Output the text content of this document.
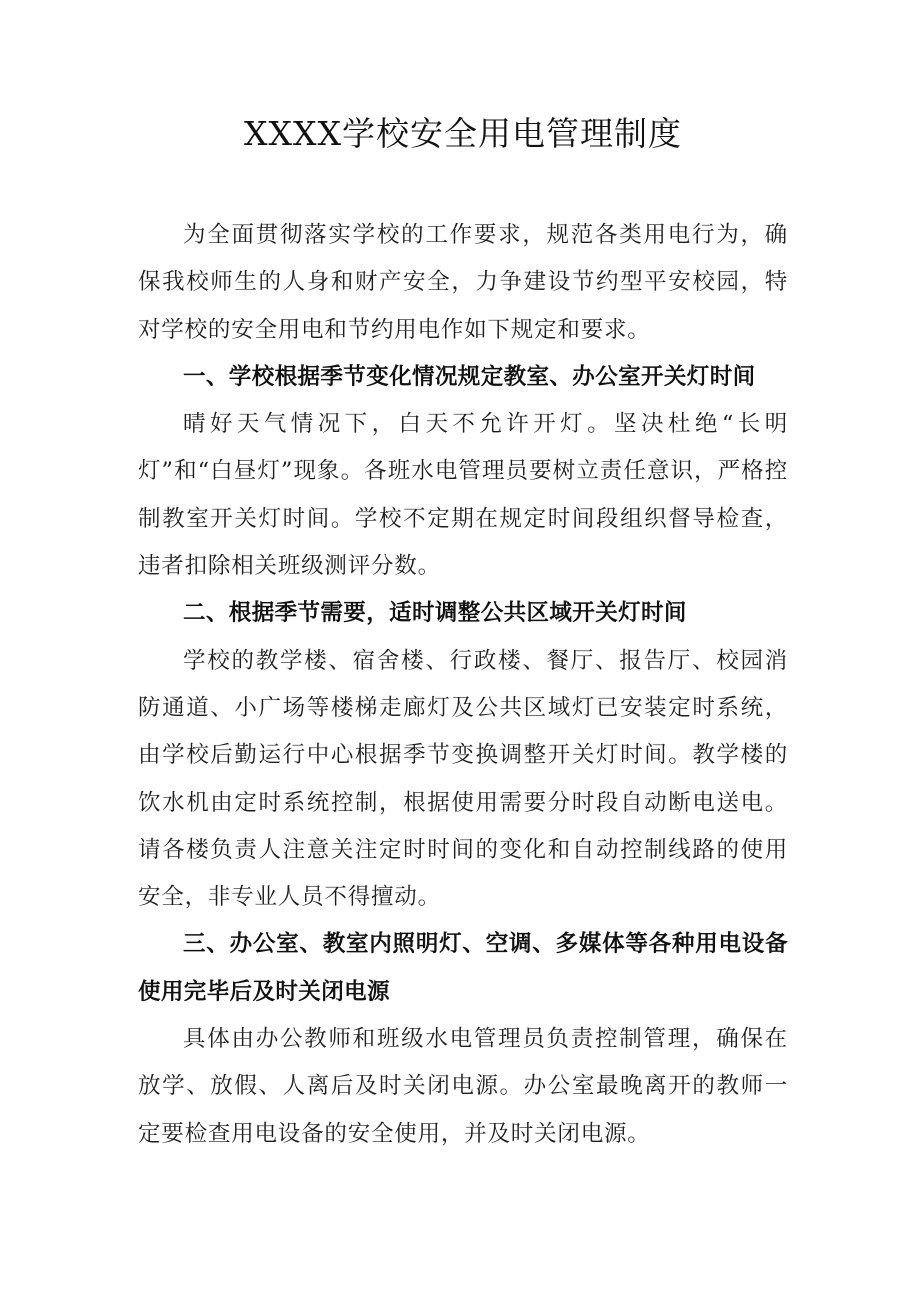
XXXX学校安全用电管理制度

为全面贯彻落实学校的工作要求，规范各类用电行为，确保我校师生的人身和财产安全，力争建设节约型平安校园，特对学校的安全用电和节约用电作如下规定和要求。

一、学校根据季节变化情况规定教室、办公室开关灯时间

晴好天气情况下，白天不允许开灯。坚决杜绝“长明灯”和“白昼灯”现象。各班水电管理员要树立责任意识，严格控制教室开关灯时间。学校不定期在规定时间段组织督导检查，违者扣除相关班级测评分数。

二、根据季节需要，适时调整公共区域开关灯时间

学校的教学楼、宿舍楼、行政楼、餐厅、报告厅、校园消防通道、小广场等楼梯走廊灯及公共区域灯已安装定时系统，由学校后勤运行中心根据季节变换调整开关灯时间。教学楼的饮水机由定时系统控制，根据使用需要分时段自动断电送电。请各楼负责人注意关注定时时间的变化和自动控制线路的使用安全，非专业人员不得擅动。

三、办公室、教室内照明灯、空调、多媒体等各种用电设备使用完毕后及时关闭电源

具体由办公教师和班级水电管理员负责控制管理，确保在放学、放假、人离后及时关闭电源。办公室最晚离开的教师一定要检查用电设备的安全使用，并及时关闭电源。
